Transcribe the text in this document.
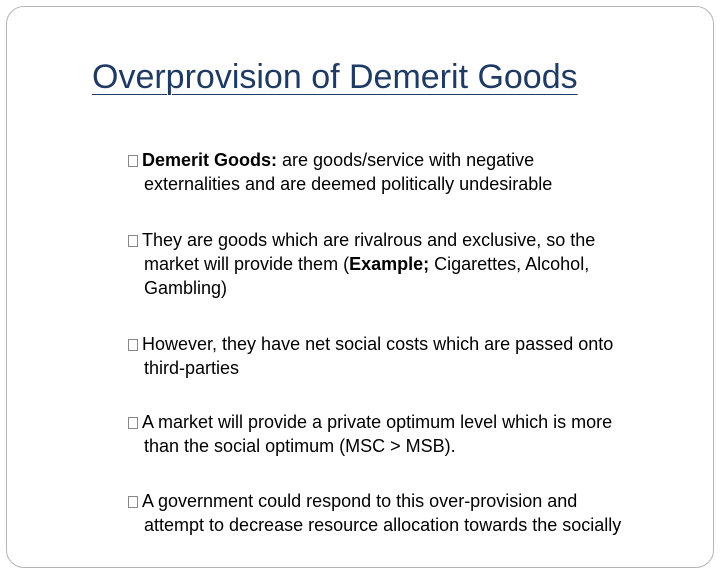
Overprovision of Demerit Goods
Demerit Goods: are goods/service with negative
externalities and are deemed politically undesirable
They are goods which are rivalrous and exclusive, so the
market will provide them (Example; Cigarettes, Alcohol,
Gambling)
However, they have net social costs which are passed onto
third-parties
A market will provide a private optimum level which is more
than the social optimum (MSC > MSB).
A government could respond to this over-provision and
attempt to decrease resource allocation towards the socially
